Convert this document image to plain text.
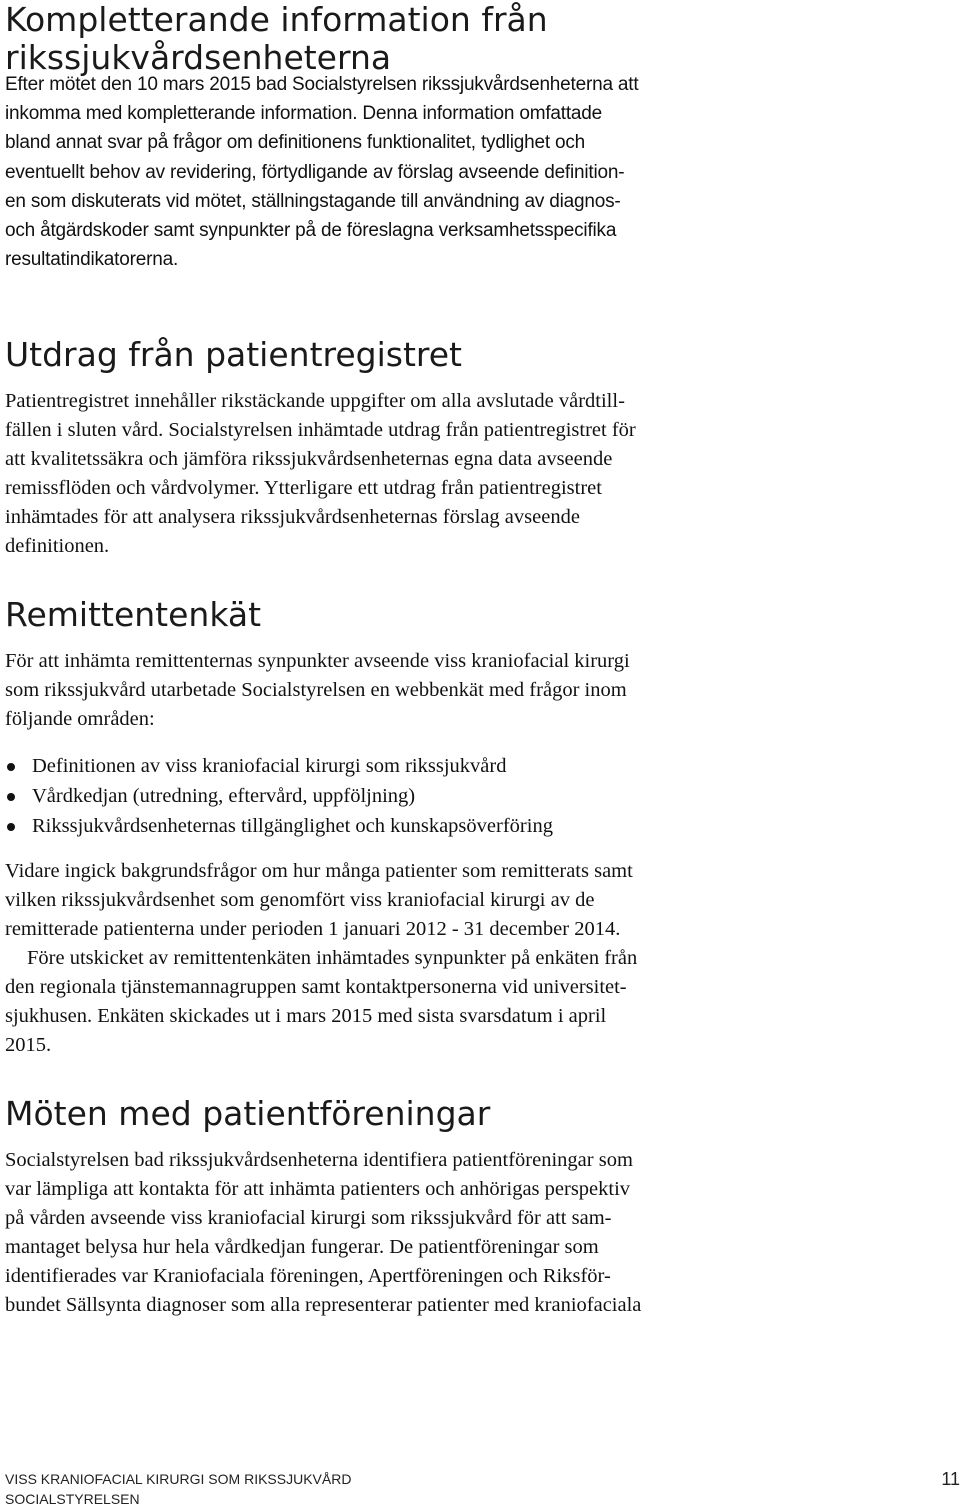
Kompletterande information från rikssjukvårdsenheterna

Efter mötet den 10 mars 2015 bad Socialstyrelsen rikssjukvårdsenheterna att
inkomma med kompletterande information. Denna information omfattade
bland annat svar på frågor om definitionens funktionalitet, tydlighet och
eventuellt behov av revidering, förtydligande av förslag avseende definition-
en som diskuterats vid mötet, ställningstagande till användning av diagnos-
och åtgärdskoder samt synpunkter på de föreslagna verksamhetsspecifika
resultatindikatorerna.

Utdrag från patientregistret

Patientregistret innehåller rikstäckande uppgifter om alla avslutade vårdtill-
fällen i sluten vård. Socialstyrelsen inhämtade utdrag från patientregistret för
att kvalitetssäkra och jämföra rikssjukvårdsenheternas egna data avseende
remissflöden och vårdvolymer. Ytterligare ett utdrag från patientregistret
inhämtades för att analysera rikssjukvårdsenheternas förslag avseende
definitionen.

Remittentenkät

För att inhämta remittenternas synpunkter avseende viss kraniofacial kirurgi
som rikssjukvård utarbetade Socialstyrelsen en webbenkät med frågor inom
följande områden:

Definitionen av viss kraniofacial kirurgi som rikssjukvård
Vårdkedjan (utredning, eftervård, uppföljning)
Rikssjukvårdsenheternas tillgänglighet och kunskapsöverföring

Vidare ingick bakgrundsfrågor om hur många patienter som remitterats samt
vilken rikssjukvårdsenhet som genomfört viss kraniofacial kirurgi av de
remitterade patienterna under perioden 1 januari 2012 - 31 december 2014.

Före utskicket av remittentenkäten inhämtades synpunkter på enkäten från
den regionala tjänstemannagruppen samt kontaktpersonerna vid universitet-
sjukhusen. Enkäten skickades ut i mars 2015 med sista svarsdatum i april
2015.

Möten med patientföreningar

Socialstyrelsen bad rikssjukvårdsenheterna identifiera patientföreningar som
var lämpliga att kontakta för att inhämta patienters och anhörigas perspektiv
på vården avseende viss kraniofacial kirurgi som rikssjukvård för att sam-
mantaget belysa hur hela vårdkedjan fungerar. De patientföreningar som
identifierades var Kraniofaciala föreningen, Apertföreningen och Riksför-
bundet Sällsynta diagnoser som alla representerar patienter med kraniofaciala

VISS KRANIOFACIAL KIRURGI SOM RIKSSJUKVÅRD
SOCIALSTYRELSEN
11
